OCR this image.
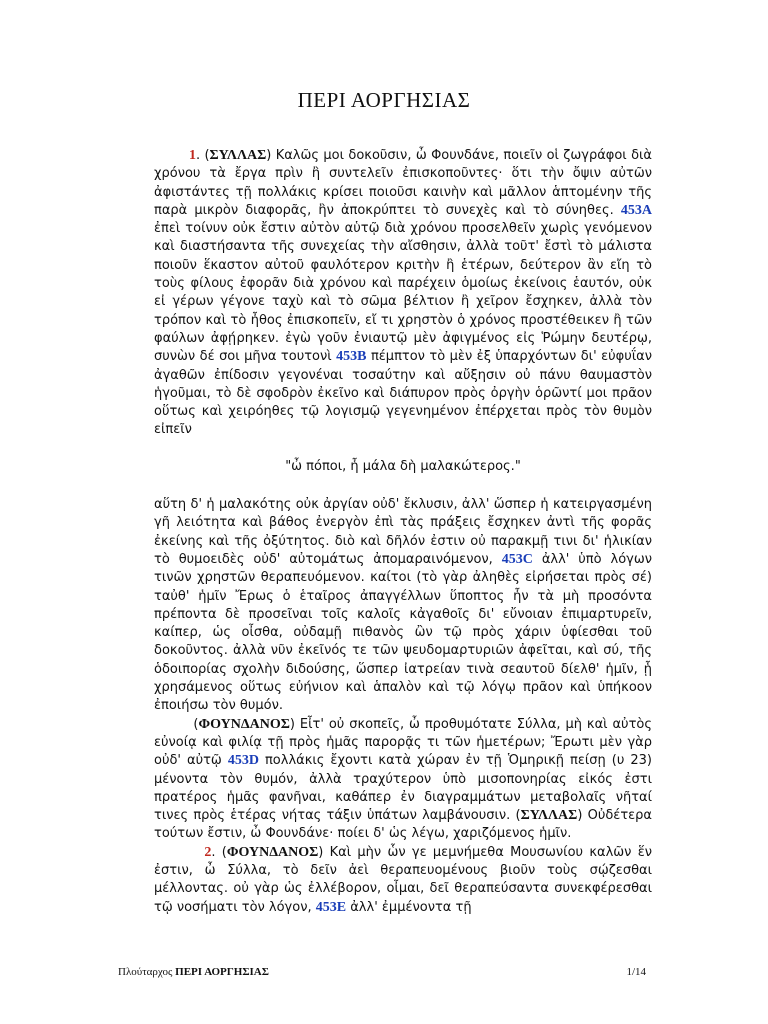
ΠΕΡΙ ΑΟΡΓΗΣΙΑΣ

1. (ΣΥΛΛΑΣ) Καλῶς μοι δοκοῦσιν, ὦ Φουνδάνε, ποιεῖν οἱ ζωγράφοι διὰ χρόνου τὰ ἔργα πρὶν ἢ συντελεῖν ἐπισκοποῦντες· ὅτι τὴν ὄψιν αὐτῶν ἀφιστάντες τῇ πολλάκις κρίσει ποιοῦσι καινὴν καὶ μᾶλλον ἁπτομένην τῆς παρὰ μικρὸν διαφορᾶς, ἣν ἀποκρύπτει τὸ συνεχὲς καὶ τὸ σύνηθες. 453A ἐπεὶ τοίνυν οὐκ ἔστιν αὐτὸν αὑτῷ διὰ χρόνου προσελθεῖν χωρὶς γενόμενον καὶ διαστήσαντα τῆς συνεχείας τὴν αἴσθησιν, ἀλλὰ τοῦτ' ἔστὶ τὸ μάλιστα ποιοῦν ἕκαστον αὐτοῦ φαυλότερον κριτὴν ἢ ἑτέρων, δεύτερον ἂν εἴη τὸ τοὺς φίλους ἐφορᾶν διὰ χρόνου καὶ παρέχειν ὁμοίως ἐκείνοις ἑαυτόν, οὐκ εἰ γέρων γέγονε ταχὺ καὶ τὸ σῶμα βέλτιον ἢ χεῖρον ἔσχηκεν, ἀλλὰ τὸν τρόπον καὶ τὸ ἦθος ἐπισκοπεῖν, εἴ τι χρηστὸν ὁ χρόνος προστέθεικεν ἢ τῶν φαύλων ἀφῄρηκεν. ἐγὼ γοῦν ἐνιαυτῷ μὲν ἀφιγμένος εἰς Ῥώμην δευτέρῳ, συνὼν δέ σοι μῆνα τουτονὶ 453B πέμπτον τὸ μὲν ἐξ ὑπαρχόντων δι' εὐφυΐαν ἀγαθῶν ἐπίδοσιν γεγονέναι τοσαύτην καὶ αὔξησιν οὐ πάνυ θαυμαστὸν ἡγοῦμαι, τὸ δὲ σφοδρὸν ἐκεῖνο καὶ διάπυρον πρὸς ὀργὴν ὁρῶντί μοι πρᾶον οὕτως καὶ χειρόηθες τῷ λογισμῷ γεγενημένον ἐπέρχεται πρὸς τὸν θυμὸν εἰπεῖν

"ὦ πόποι, ἦ μάλα δὴ μαλακώτερος."

αὕτη δ' ἡ μαλακότης οὐκ ἀργίαν οὐδ' ἔκλυσιν, ἀλλ' ὥσπερ ἡ κατειργασμένη γῆ λειότητα καὶ βάθος ἐνεργὸν ἐπὶ τὰς πράξεις ἔσχηκεν ἀντὶ τῆς φορᾶς ἐκείνης καὶ τῆς ὀξύτητος. διὸ καὶ δῆλόν ἐστιν οὐ παρακμῇ τινι δι' ἡλικίαν τὸ θυμοειδὲς οὐδ' αὐτομάτως ἀπομαραινόμενον, 453C ἀλλ' ὑπὸ λόγων τινῶν χρηστῶν θεραπευόμενον. καίτοι (τὸ γὰρ ἀληθὲς εἰρήσεται πρὸς σέ) ταὐθ' ἡμῖν Ἔρως ὁ ἑταῖρος ἀπαγγέλλων ὕποπτος ἦν τὰ μὴ προσόντα πρέποντα δὲ προσεῖναι τοῖς καλοῖς κἀγαθοῖς δι' εὔνοιαν ἐπιμαρτυρεῖν, καίπερ, ὡς οἶσθα, οὐδαμῇ πιθανὸς ὢν τῷ πρὸς χάριν ὑφίεσθαι τοῦ δοκοῦντος. ἀλλὰ νῦν ἐκεῖνός τε τῶν ψευδομαρτυριῶν ἀφεῖται, καὶ σύ, τῆς ὁδοιπορίας σχολὴν διδούσης, ὥσπερ ἰατρείαν τινὰ σεαυτοῦ δίελθ' ἡμῖν, ᾗ χρησάμενος οὕτως εὐήνιον καὶ ἁπαλὸν καὶ τῷ λόγῳ πρᾶον καὶ ὑπήκοον ἐποιήσω τὸν θυμόν.

(ΦΟΥΝΔΑΝΟΣ) Εἶτ' οὐ σκοπεῖς, ὦ προθυμότατε Σύλλα, μὴ καὶ αὐτὸς εὐνοίᾳ καὶ φιλίᾳ τῇ πρὸς ἡμᾶς παρορᾷς τι τῶν ἡμετέρων; Ἔρωτι μὲν γὰρ οὐδ' αὐτῷ 453D πολλάκις ἔχοντι κατὰ χώραν ἐν τῇ Ὁμηρικῇ πείσῃ (υ 23) μένοντα τὸν θυμόν, ἀλλὰ τραχύτερον ὑπὸ μισοπονηρίας εἰκός ἐστι πρατέρος ἡμᾶς φανῆναι, καθάπερ ἐν διαγραμμάτων μεταβολαῖς νῆταί τινες πρὸς ἑτέρας νήτας τάξιν ὑπάτων λαμβάνουσιν. (ΣΥΛΛΑΣ) Οὐδέτερα τούτων ἔστιν, ὦ Φουνδάνε· ποίει δ' ὡς λέγω, χαριζόμενος ἡμῖν.

2. (ΦΟΥΝΔΑΝΟΣ) Καὶ μὴν ὧν γε μεμνήμεθα Μουσωνίου καλῶν ἕν ἐστιν, ὦ Σύλλα, τὸ δεῖν ἀεὶ θεραπευομένους βιοῦν τοὺς σῴζεσθαι μέλλοντας. οὐ γὰρ ὡς ἐλλέβορον, οἶμαι, δεῖ θεραπεύσαντα συνεκφέρεσθαι τῷ νοσήματι τὸν λόγον, 453E ἀλλ' ἐμμένοντα τῇ

Πλούταρχος ΠΕΡΙ ΑΟΡΓΗΣΙΑΣ	1/14
